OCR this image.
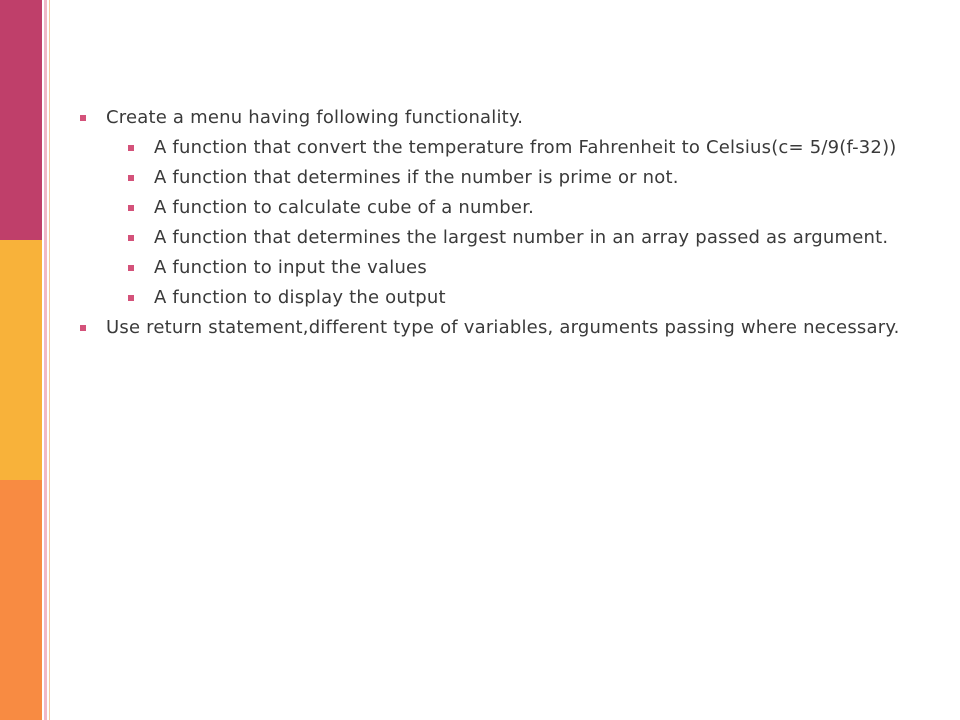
Create a menu having following functionality.
A function that convert the temperature from Fahrenheit to Celsius(c= 5/9(f-32))
A function that determines if the number is prime or not.
A function to calculate cube of a number.
A function that determines the largest number in an array passed as argument.
A function to input the values
A function to display the output
Use return statement,different type of variables, arguments passing where necessary.
